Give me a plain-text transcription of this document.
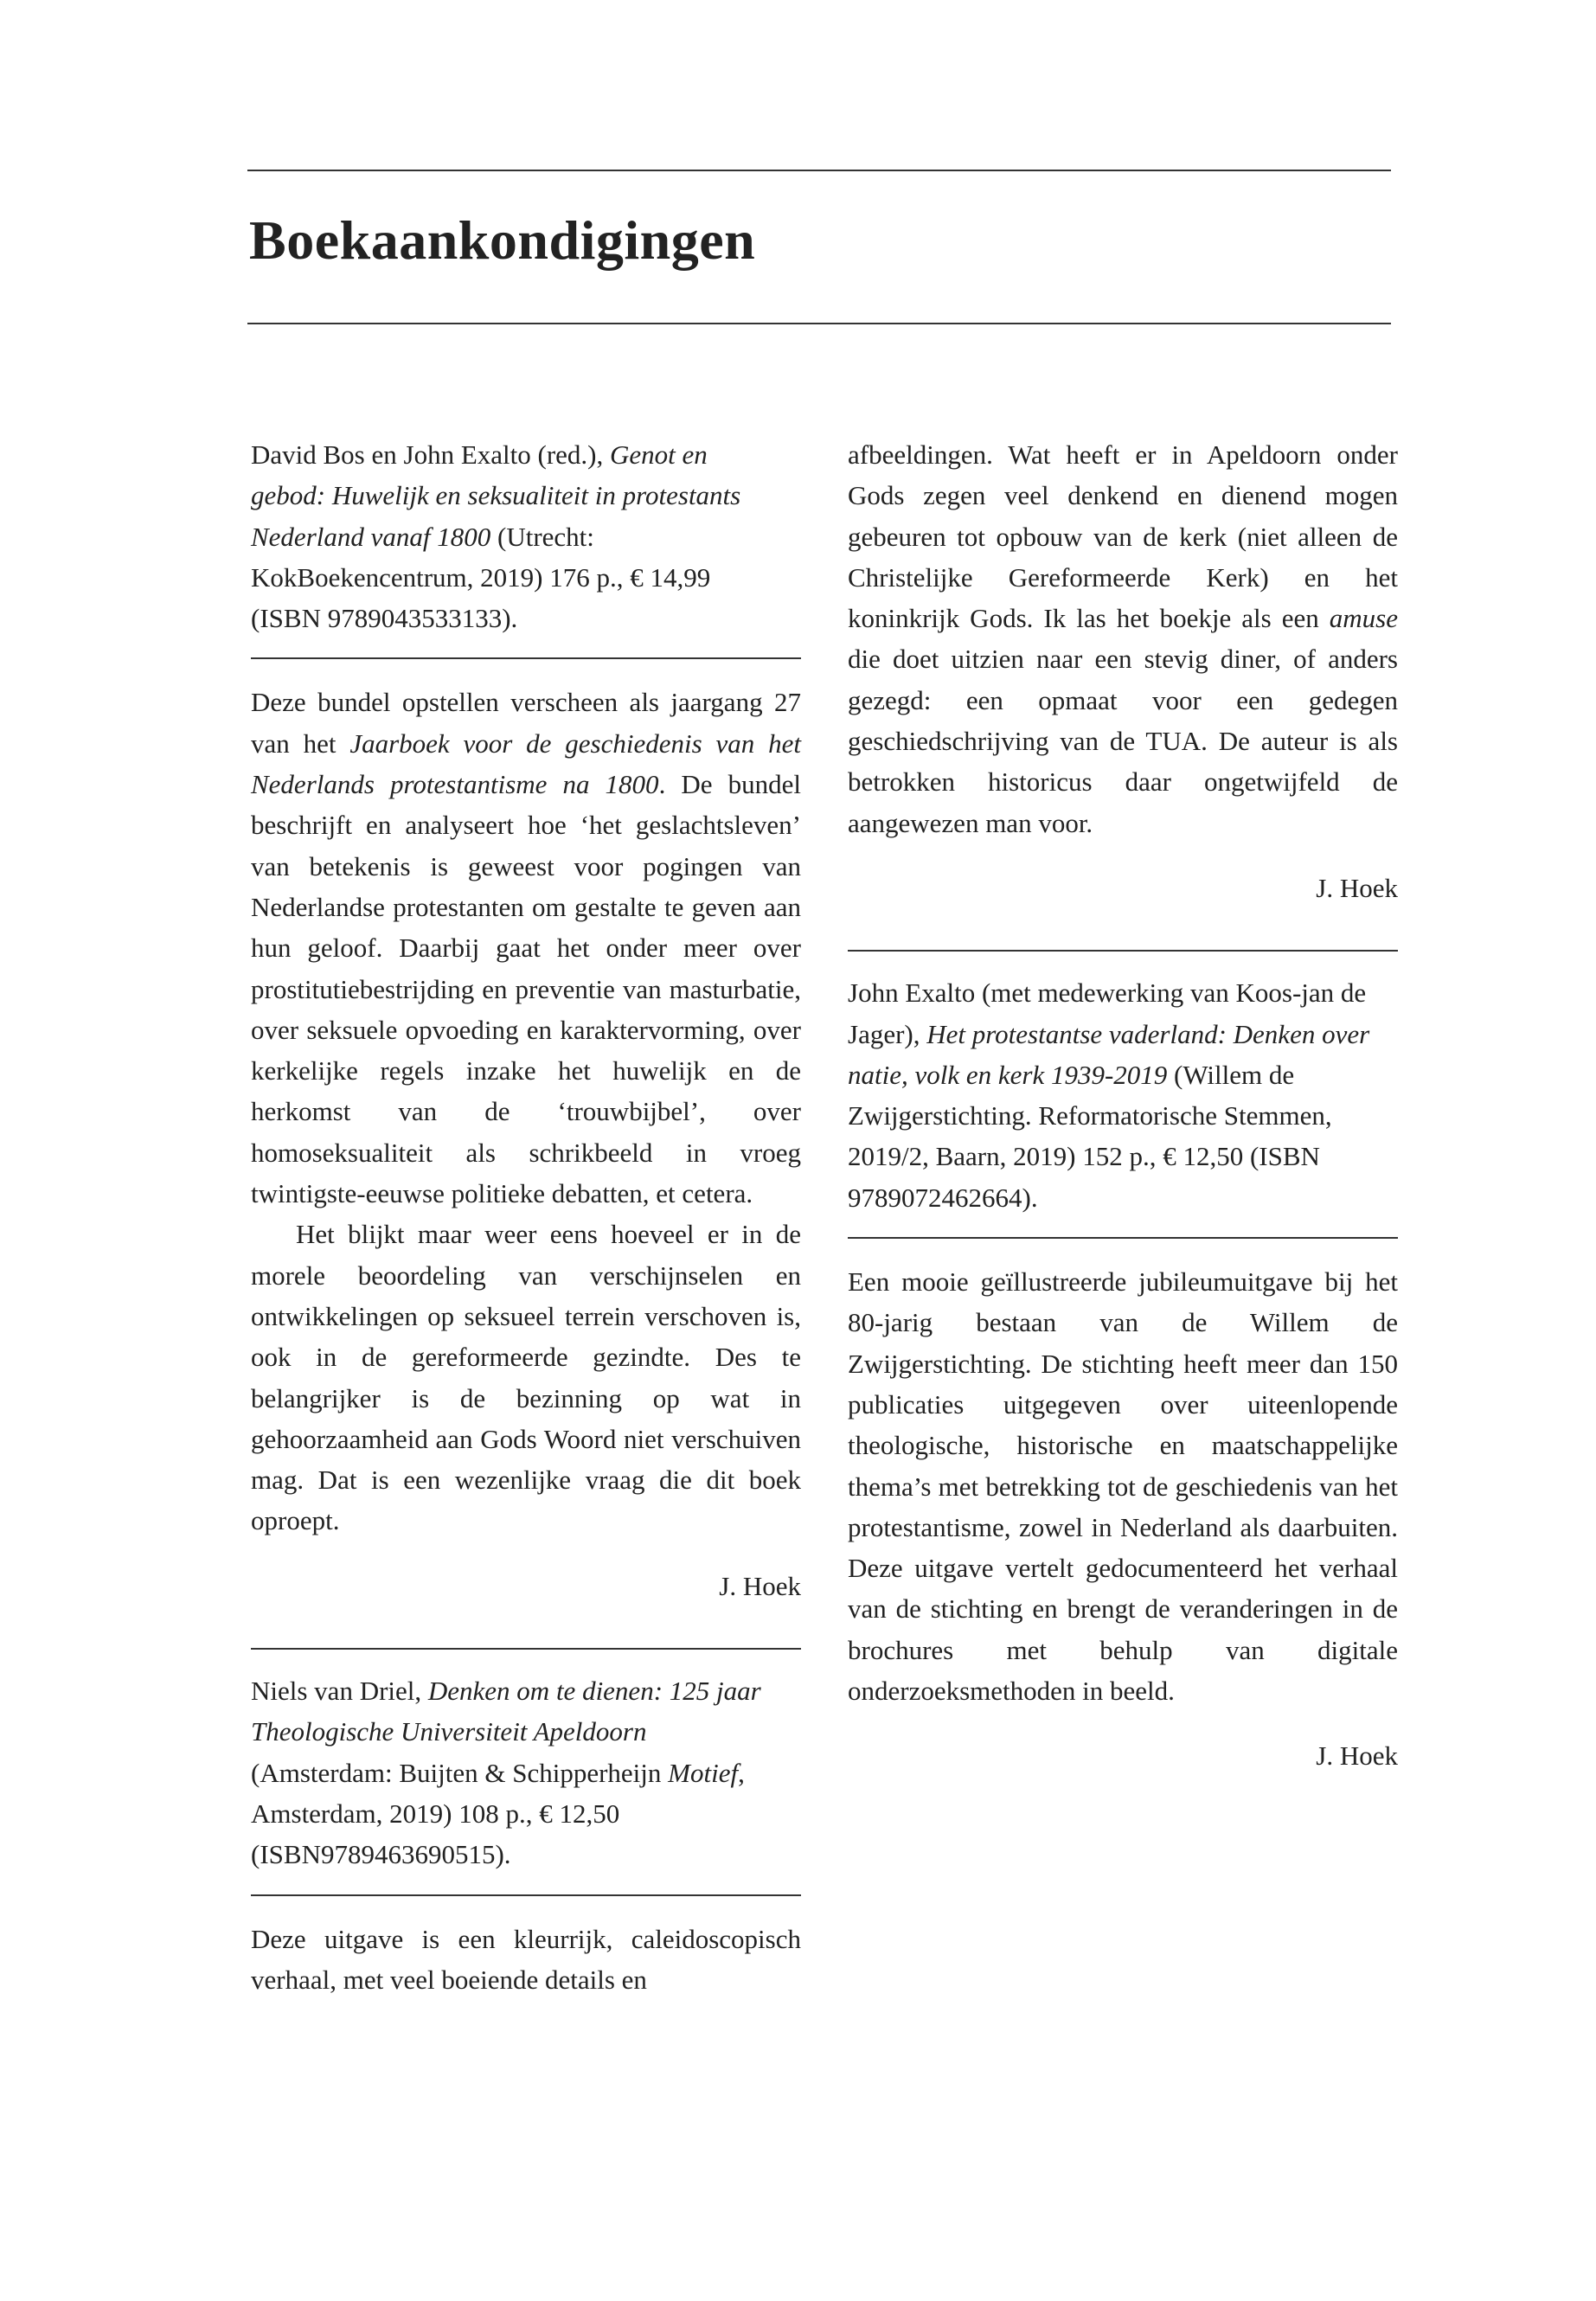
Boekaankondigingen

David Bos en John Exalto (red.), Genot en gebod: Huwelijk en seksualiteit in protestants Nederland vanaf 1800 (Utrecht: KokBoekencentrum, 2019) 176 p., € 14,99 (ISBN 9789043533133).

Deze bundel opstellen verscheen als jaargang 27 van het Jaarboek voor de geschiedenis van het Nederlands protestantisme na 1800. De bundel beschrijft en analyseert hoe ‘het geslachtsleven’ van betekenis is geweest voor pogingen van Nederlandse protestanten om gestalte te geven aan hun geloof. Daarbij gaat het onder meer over prostitutiebestrijding en preventie van masturbatie, over seksuele opvoeding en karaktervorming, over kerkelijke regels inzake het huwelijk en de herkomst van de ‘trouwbijbel’, over homoseksualiteit als schrikbeeld in vroeg twintigste-eeuwse politieke debatten, et cetera.

Het blijkt maar weer eens hoeveel er in de morele beoordeling van verschijnselen en ontwikkelingen op seksueel terrein verschoven is, ook in de gereformeerde gezindte. Des te belangrijker is de bezinning op wat in gehoorzaamheid aan Gods Woord niet verschuiven mag. Dat is een wezenlijke vraag die dit boek oproept.

J. Hoek

Niels van Driel, Denken om te dienen: 125 jaar Theologische Universiteit Apeldoorn (Amsterdam: Buijten & Schipperheijn Motief, Amsterdam, 2019) 108 p., € 12,50 (ISBN9789463690515).

Deze uitgave is een kleurrijk, caleidoscopisch verhaal, met veel boeiende details en

afbeeldingen. Wat heeft er in Apeldoorn onder Gods zegen veel denkend en dienend mogen gebeuren tot opbouw van de kerk (niet alleen de Christelijke Gereformeerde Kerk) en het koninkrijk Gods. Ik las het boekje als een amuse die doet uitzien naar een stevig diner, of anders gezegd: een opmaat voor een gedegen geschiedschrijving van de TUA. De auteur is als betrokken historicus daar ongetwijfeld de aangewezen man voor.

J. Hoek

John Exalto (met medewerking van Koos-jan de Jager), Het protestantse vaderland: Denken over natie, volk en kerk 1939-2019 (Willem de Zwijgerstichting. Reformatorische Stemmen, 2019/2, Baarn, 2019) 152 p., € 12,50 (ISBN 9789072462664).

Een mooie geïllustreerde jubileumuitgave bij het 80-jarig bestaan van de Willem de Zwijgerstichting. De stichting heeft meer dan 150 publicaties uitgegeven over uiteenlopende theologische, historische en maatschappelijke thema’s met betrekking tot de geschiedenis van het protestantisme, zowel in Nederland als daarbuiten. Deze uitgave vertelt gedocumenteerd het verhaal van de stichting en brengt de veranderingen in de brochures met behulp van digitale onderzoeksmethoden in beeld.

J. Hoek
